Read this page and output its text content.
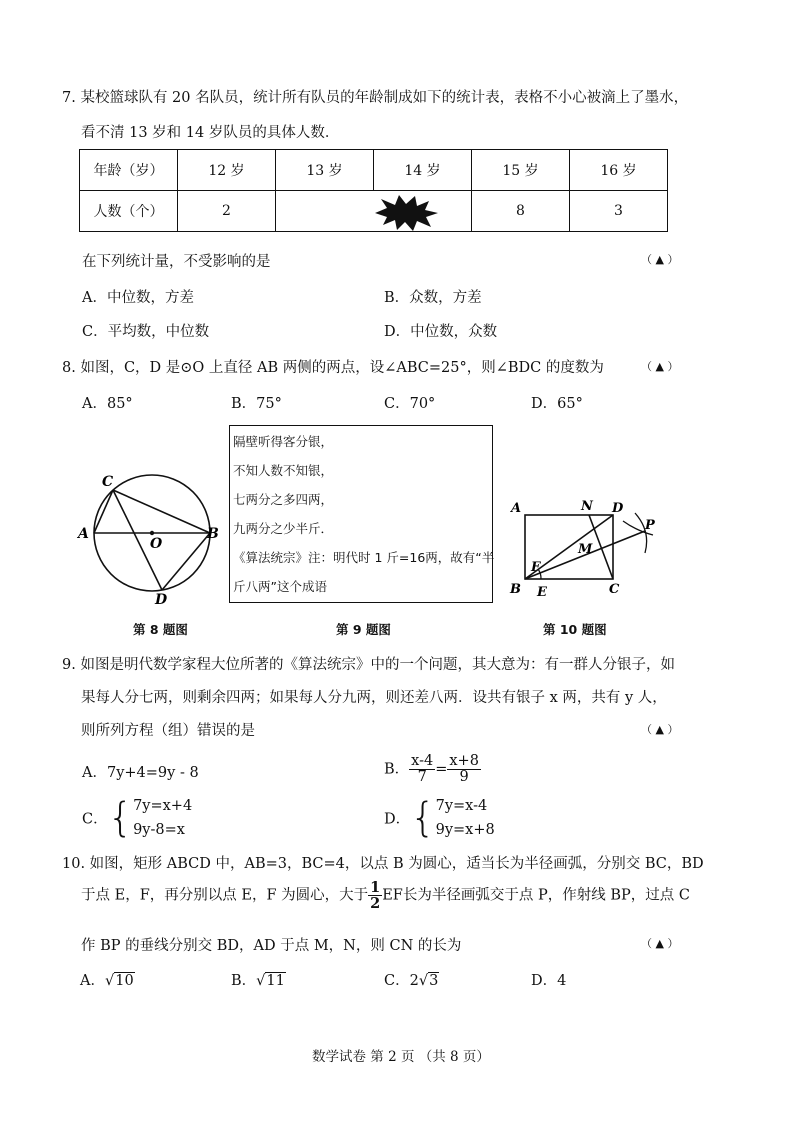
7. 某校篮球队有 20 名队员，统计所有队员的年龄制成如下的统计表，表格不小心被滴上了墨水，
看不清 13 岁和 14 岁队员的具体人数．
年龄（岁）	12 岁	13 岁	14 岁	15 岁	16 岁
人数（个）	2			8	3
在下列统计量，不受影响的是	（ ▲ ）
A．中位数，方差	B．众数，方差
C．平均数，中位数	D．中位数，众数
8. 如图，C，D 是⊙O 上直径 AB 两侧的两点，设∠ABC=25°，则∠BDC 的度数为	（ ▲ ）
A．85°	B．75°	C．70°	D．65°
C
A
O
B
D
第 8 题图
隔壁听得客分银，
不知人数不知银，
七两分之多四两，
九两分之少半斤．
《算法统宗》注：明代时 1 斤=16两，故有“半
斤八两”这个成语
第 9 题图
A	N D
P
M
F
B E	C
第 10 题图
9. 如图是明代数学家程大位所著的《算法统宗》中的一个问题，其大意为：有一群人分银子，如
果每人分七两，则剩余四两；如果每人分九两，则还差八两．设共有银子 x 两，共有 y 人，
则所列方程（组）错误的是	（ ▲ ）
A．7y+4=9y - 8	B． $\frac{x-4}{7} = \frac{x+8}{9}$
C．{ 7y=x+4
9y-8=x
D．{ 7y=x-4
9y=x+8
10. 如图，矩形 ABCD 中，AB=3，BC=4，以点 B 为圆心，适当长为半径画弧，分别交 BC，BD
于点 E，F，再分别以点 E，F 为圆心，大于 $\frac{1}{2}$ EF长为半径画弧交于点 P，作射线 BP，过点 C
作 BP 的垂线分别交 BD，AD 于点 M，N，则 CN 的长为	（ ▲ ）
A．√10	B．√11	C．2√3	D．4
数学试卷 第 2 页 （共 8 页）
